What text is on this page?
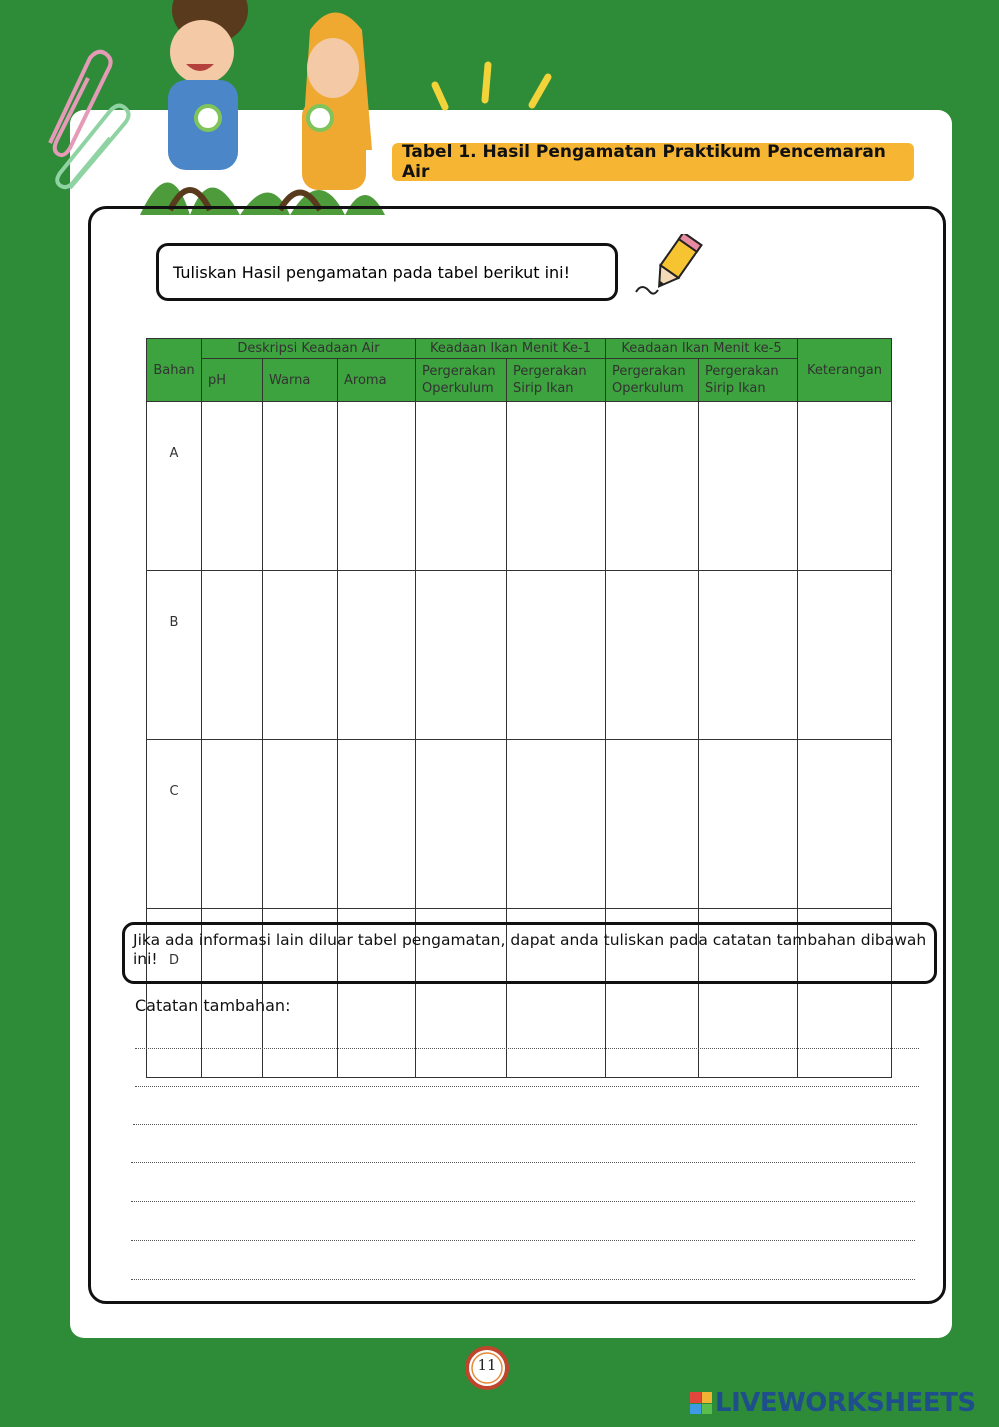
Tabel 1. Hasil Pengamatan Praktikum Pencemaran Air
Tuliskan Hasil pengamatan pada tabel berikut ini!
Bahan	Deskripsi Keadaan Air			Keadaan Ikan Menit Ke-1		Keadaan Ikan Menit ke-5		Keterangan
	pH	Warna	Aroma	Pergerakan Operkulum	Pergerakan Sirip Ikan	Pergerakan Operkulum	Pergerakan Sirip Ikan	
A								
B								
C								
D								
Jika ada informasi lain diluar tabel pengamatan, dapat anda tuliskan pada catatan tambahan dibawah ini!
Catatan tambahan:
11
LIVEWORKSHEETS
